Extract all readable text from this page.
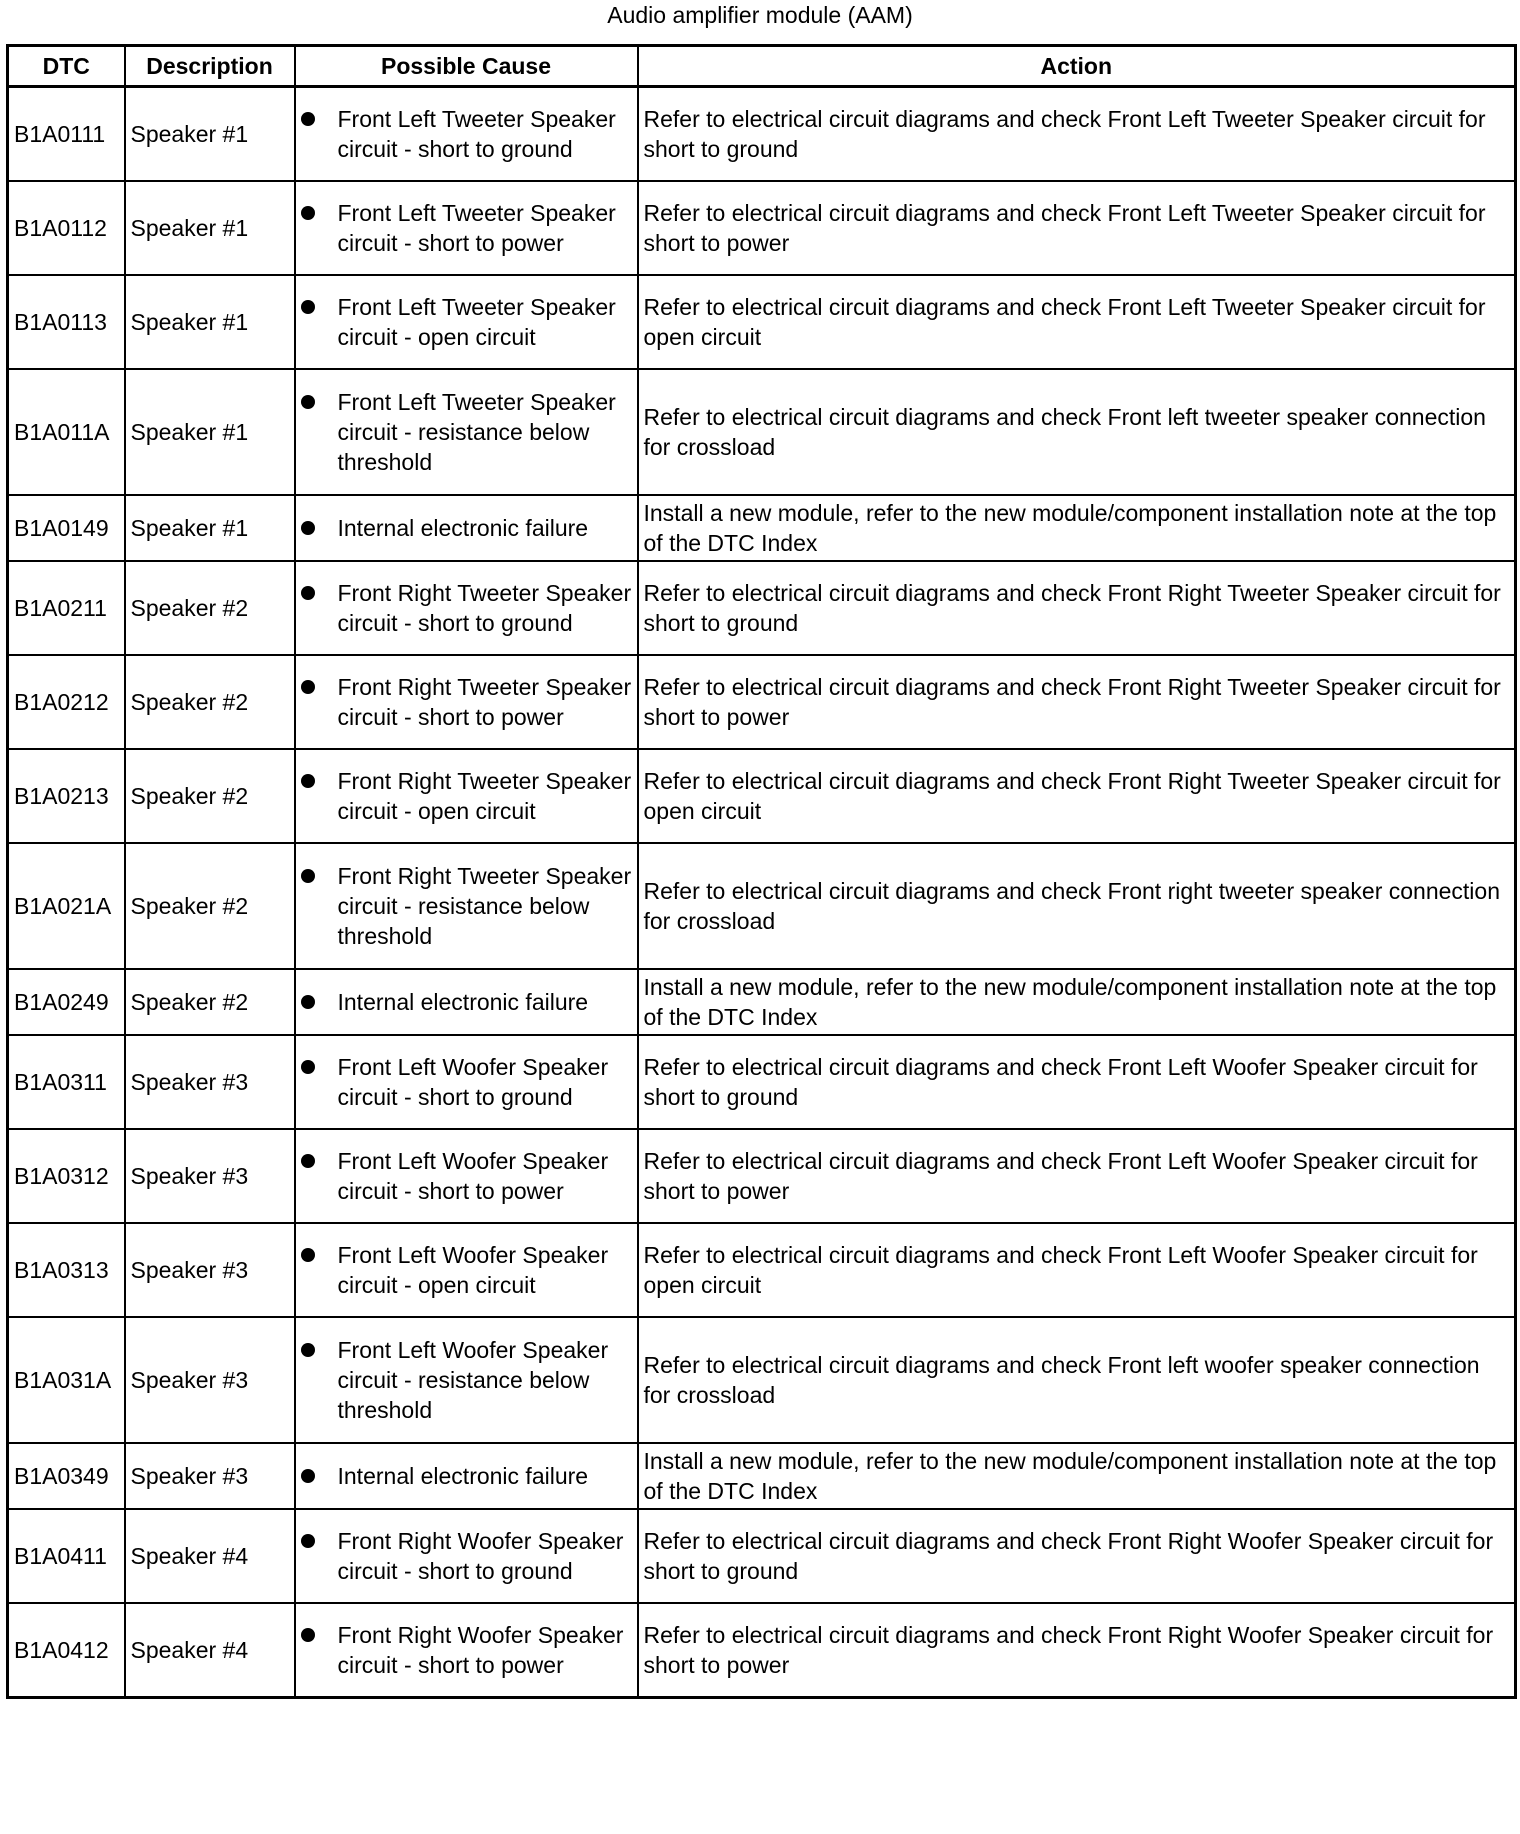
Audio amplifier module (AAM)
DTC	Description	Possible Cause	Action
B1A0111	Speaker #1	Front Left Tweeter Speaker circuit - short to ground	Refer to electrical circuit diagrams and check Front Left Tweeter Speaker circuit for short to ground
B1A0112	Speaker #1	Front Left Tweeter Speaker circuit - short to power	Refer to electrical circuit diagrams and check Front Left Tweeter Speaker circuit for short to power
B1A0113	Speaker #1	Front Left Tweeter Speaker circuit - open circuit	Refer to electrical circuit diagrams and check Front Left Tweeter Speaker circuit for open circuit
B1A011A	Speaker #1	Front Left Tweeter Speaker circuit - resistance below threshold	Refer to electrical circuit diagrams and check Front left tweeter speaker connection for crossload
B1A0149	Speaker #1	Internal electronic failure	Install a new module, refer to the new module/component installation note at the top of the DTC Index
B1A0211	Speaker #2	Front Right Tweeter Speaker circuit - short to ground	Refer to electrical circuit diagrams and check Front Right Tweeter Speaker circuit for short to ground
B1A0212	Speaker #2	Front Right Tweeter Speaker circuit - short to power	Refer to electrical circuit diagrams and check Front Right Tweeter Speaker circuit for short to power
B1A0213	Speaker #2	Front Right Tweeter Speaker circuit - open circuit	Refer to electrical circuit diagrams and check Front Right Tweeter Speaker circuit for open circuit
B1A021A	Speaker #2	Front Right Tweeter Speaker circuit - resistance below threshold	Refer to electrical circuit diagrams and check Front right tweeter speaker connection for crossload
B1A0249	Speaker #2	Internal electronic failure	Install a new module, refer to the new module/component installation note at the top of the DTC Index
B1A0311	Speaker #3	Front Left Woofer Speaker circuit - short to ground	Refer to electrical circuit diagrams and check Front Left Woofer Speaker circuit for short to ground
B1A0312	Speaker #3	Front Left Woofer Speaker circuit - short to power	Refer to electrical circuit diagrams and check Front Left Woofer Speaker circuit for short to power
B1A0313	Speaker #3	Front Left Woofer Speaker circuit - open circuit	Refer to electrical circuit diagrams and check Front Left Woofer Speaker circuit for open circuit
B1A031A	Speaker #3	Front Left Woofer Speaker circuit - resistance below threshold	Refer to electrical circuit diagrams and check Front left woofer speaker connection for crossload
B1A0349	Speaker #3	Internal electronic failure	Install a new module, refer to the new module/component installation note at the top of the DTC Index
B1A0411	Speaker #4	Front Right Woofer Speaker circuit - short to ground	Refer to electrical circuit diagrams and check Front Right Woofer Speaker circuit for short to ground
B1A0412	Speaker #4	Front Right Woofer Speaker circuit - short to power	Refer to electrical circuit diagrams and check Front Right Woofer Speaker circuit for short to power
